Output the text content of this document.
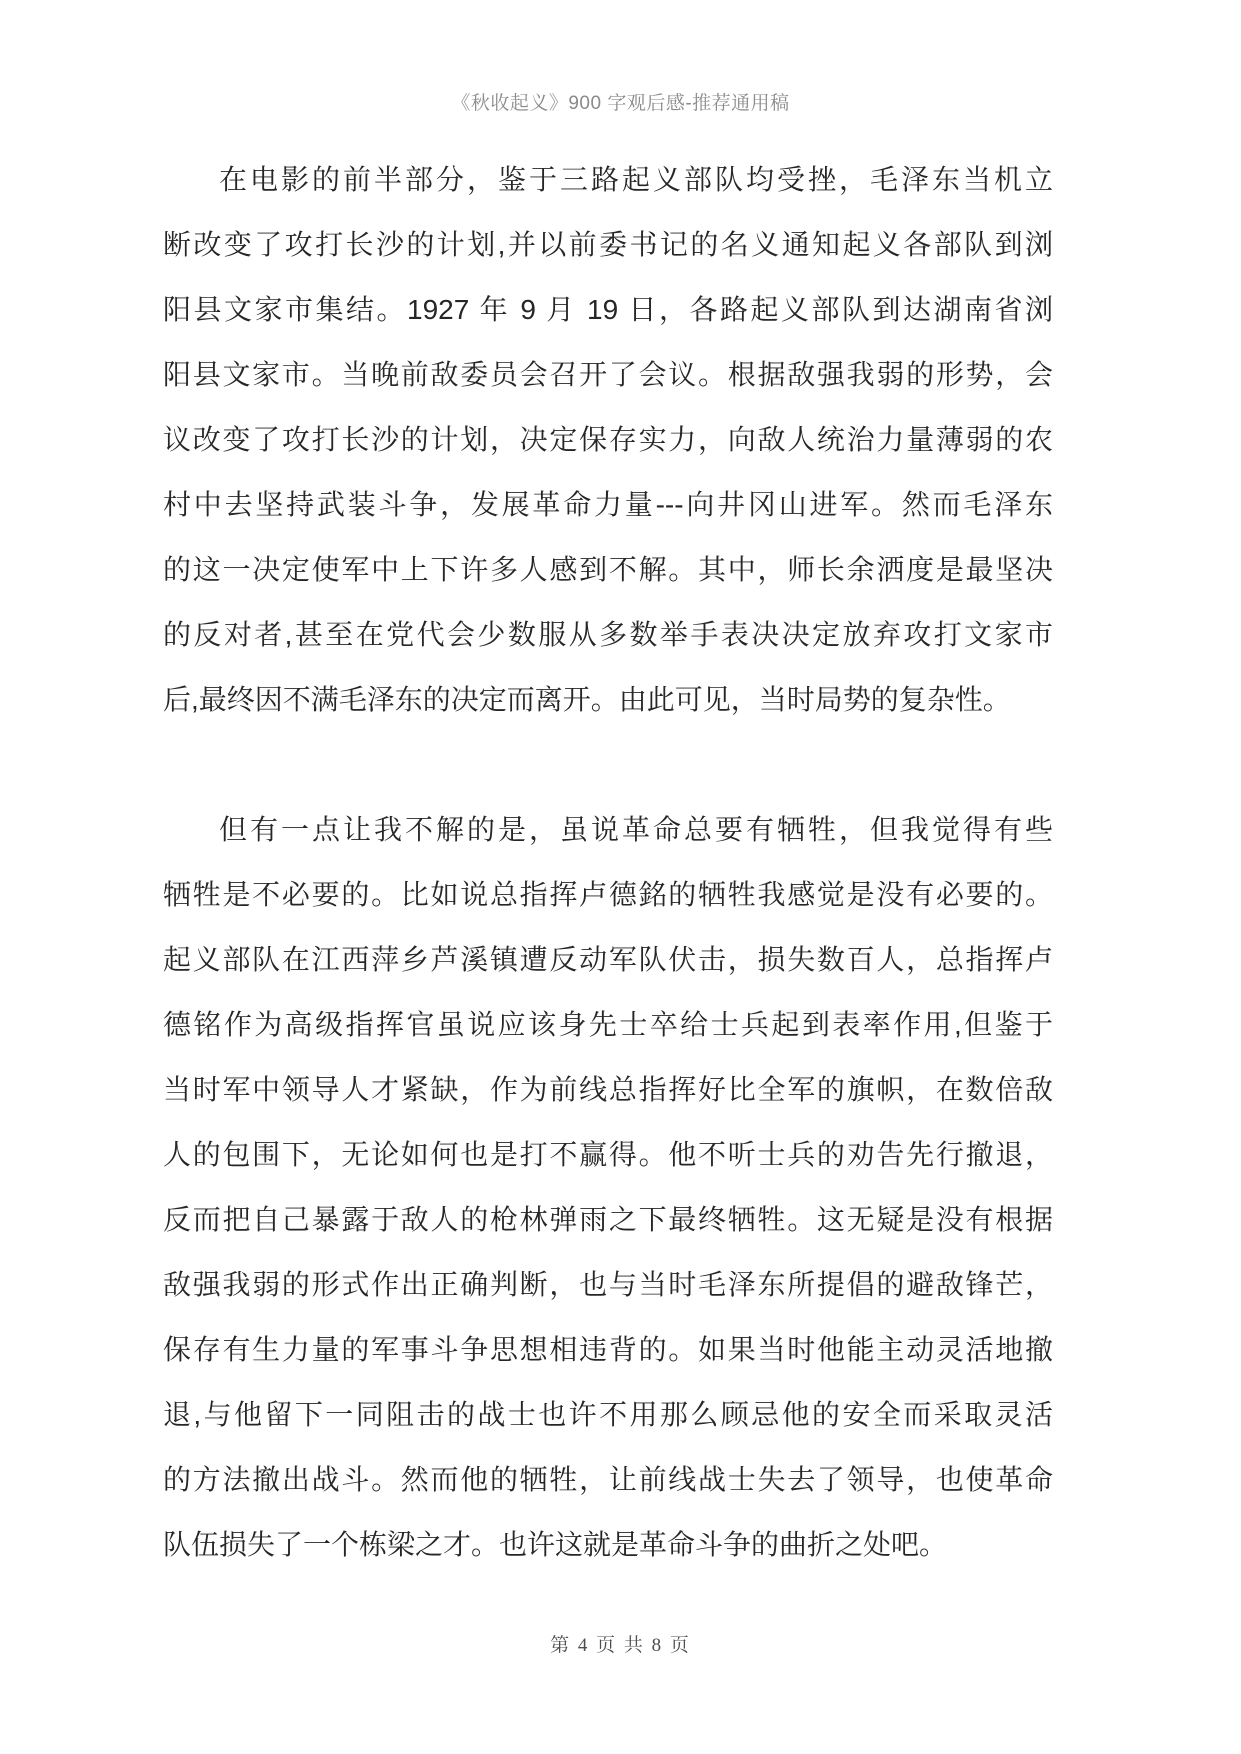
《秋收起义》900 字观后感-推荐通用稿
在电影的前半部分，鉴于三路起义部队均受挫，毛泽东当机立
断改变了攻打长沙的计划,并以前委书记的名义通知起义各部队到浏
阳县文家市集结。1927 年 9 月 19 日，各路起义部队到达湖南省浏
阳县文家市。当晚前敌委员会召开了会议。根据敌强我弱的形势，会
议改变了攻打长沙的计划，决定保存实力，向敌人统治力量薄弱的农
村中去坚持武装斗争，发展革命力量---向井冈山进军。然而毛泽东
的这一决定使军中上下许多人感到不解。其中，师长余洒度是最坚决
的反对者,甚至在党代会少数服从多数举手表决决定放弃攻打文家市
后,最终因不满毛泽东的决定而离开。由此可见，当时局势的复杂性。
但有一点让我不解的是，虽说革命总要有牺牲，但我觉得有些
牺牲是不必要的。比如说总指挥卢德銘的牺牲我感觉是没有必要的。
起义部队在江西萍乡芦溪镇遭反动军队伏击，损失数百人，总指挥卢
德铭作为高级指挥官虽说应该身先士卒给士兵起到表率作用,但鉴于
当时军中领导人才紧缺，作为前线总指挥好比全军的旗帜，在数倍敌
人的包围下，无论如何也是打不赢得。他不听士兵的劝告先行撤退，
反而把自己暴露于敌人的枪林弹雨之下最终牺牲。这无疑是没有根据
敌强我弱的形式作出正确判断，也与当时毛泽东所提倡的避敌锋芒，
保存有生力量的军事斗争思想相违背的。如果当时他能主动灵活地撤
退,与他留下一同阻击的战士也许不用那么顾忌他的安全而采取灵活
的方法撤出战斗。然而他的牺牲，让前线战士失去了领导，也使革命
队伍损失了一个栋梁之才。也许这就是革命斗争的曲折之处吧。
第 4 页 共 8 页
